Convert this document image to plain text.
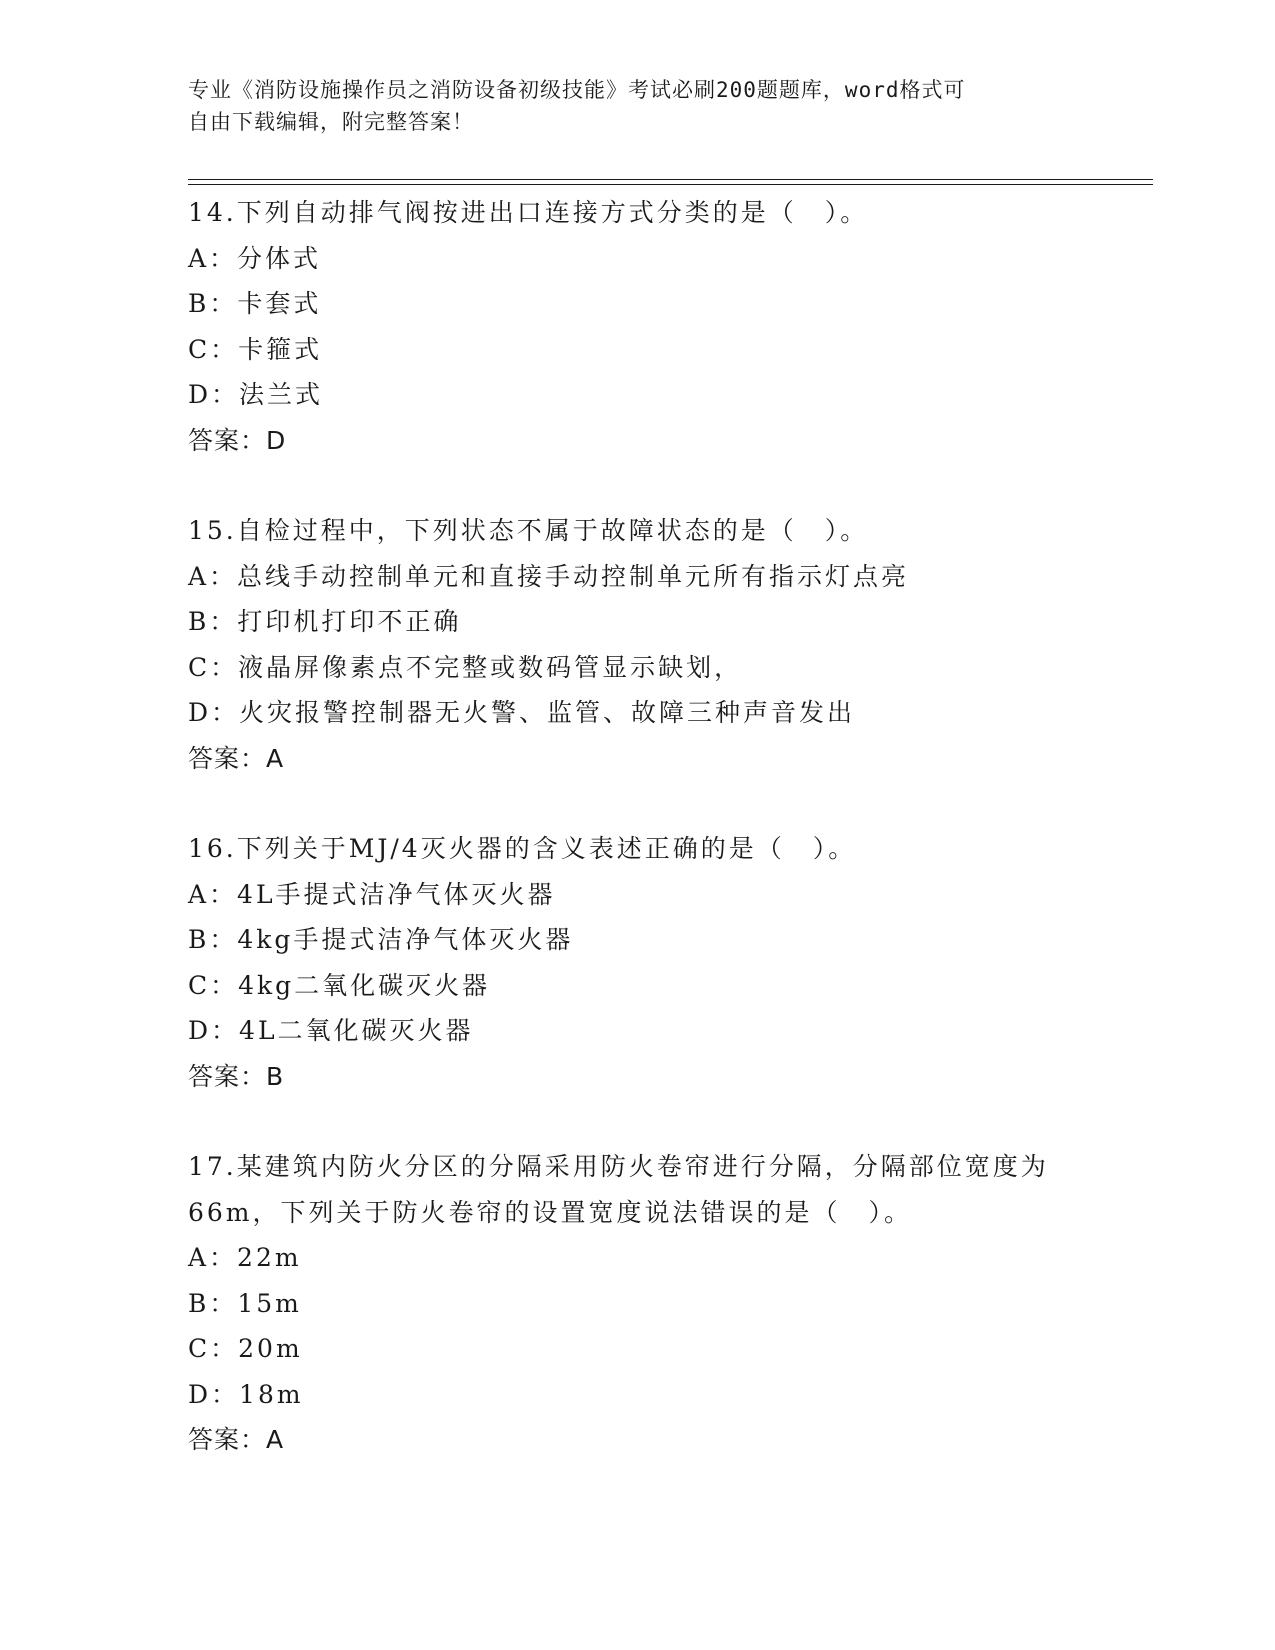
专业《消防设施操作员之消防设备初级技能》考试必刷200题题库，word格式可
自由下载编辑，附完整答案！
14.下列自动排气阀按进出口连接方式分类的是（　）。
A：分体式
B：卡套式
C：卡箍式
D：法兰式
答案：D
15.自检过程中，下列状态不属于故障状态的是（　）。
A：总线手动控制单元和直接手动控制单元所有指示灯点亮
B：打印机打印不正确
C：液晶屏像素点不完整或数码管显示缺划，
D：火灾报警控制器无火警、监管、故障三种声音发出
答案：A
16.下列关于MJ/4灭火器的含义表述正确的是（　）。
A：4L手提式洁净气体灭火器
B：4kg手提式洁净气体灭火器
C：4kg二氧化碳灭火器
D：4L二氧化碳灭火器
答案：B
17.某建筑内防火分区的分隔采用防火卷帘进行分隔，分隔部位宽度为
66m，下列关于防火卷帘的设置宽度说法错误的是（　）。
A：22m
B：15m
C：20m
D：18m
答案：A
